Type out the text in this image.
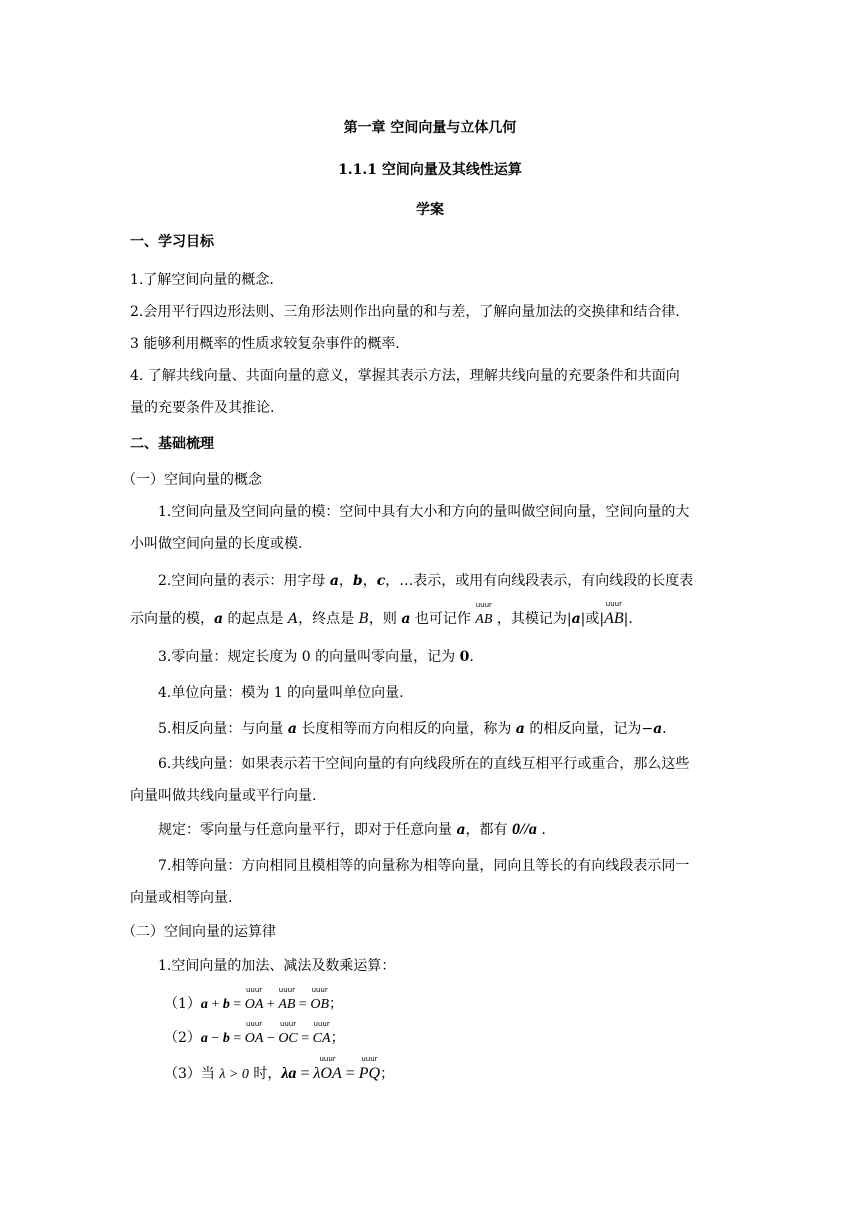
第一章 空间向量与立体几何
1.1.1 空间向量及其线性运算
学案
一、学习目标
1.了解空间向量的概念.
2.会用平行四边形法则、三角形法则作出向量的和与差，了解向量加法的交换律和结合律.
3 能够利用概率的性质求较复杂事件的概率.
4. 了解共线向量、共面向量的意义，掌握其表示方法，理解共线向量的充要条件和共面向
量的充要条件及其推论.
二、基础梳理
（一）空间向量的概念
1.空间向量及空间向量的模：空间中具有大小和方向的量叫做空间向量，空间向量的大
小叫做空间向量的长度或模.
2.空间向量的表示：用字母 a，b，c，…表示，或用有向线段表示，有向线段的长度表
示向量的模，a 的起点是 A，终点是 B，则 a 也可记作
uuur
AB ，其模记为|a|或|
uuur
AB|.
3.零向量：规定长度为 0 的向量叫零向量，记为 0.
4.单位向量：模为 1 的向量叫单位向量.
5.相反向量：与向量 a 长度相等而方向相反的向量，称为 a 的相反向量，记为−a.
6.共线向量：如果表示若干空间向量的有向线段所在的直线互相平行或重合，那么这些
向量叫做共线向量或平行向量.
规定：零向量与任意向量平行，即对于任意向量 a，都有 0//a .
7.相等向量：方向相同且模相等的向量称为相等向量，同向且等长的有向线段表示同一
向量或相等向量.
（二）空间向量的运算律
1.空间向量的加法、减法及数乘运算：
（1）a + b =
uuur
OA +
uuur
AB =
uuur
OB；
（2）a − b =
uuur
OA −
uuur
OC =
uuur
CA；
（3）当 λ > 0 时，λa =
uuur
λOA =
uuur
PQ；
